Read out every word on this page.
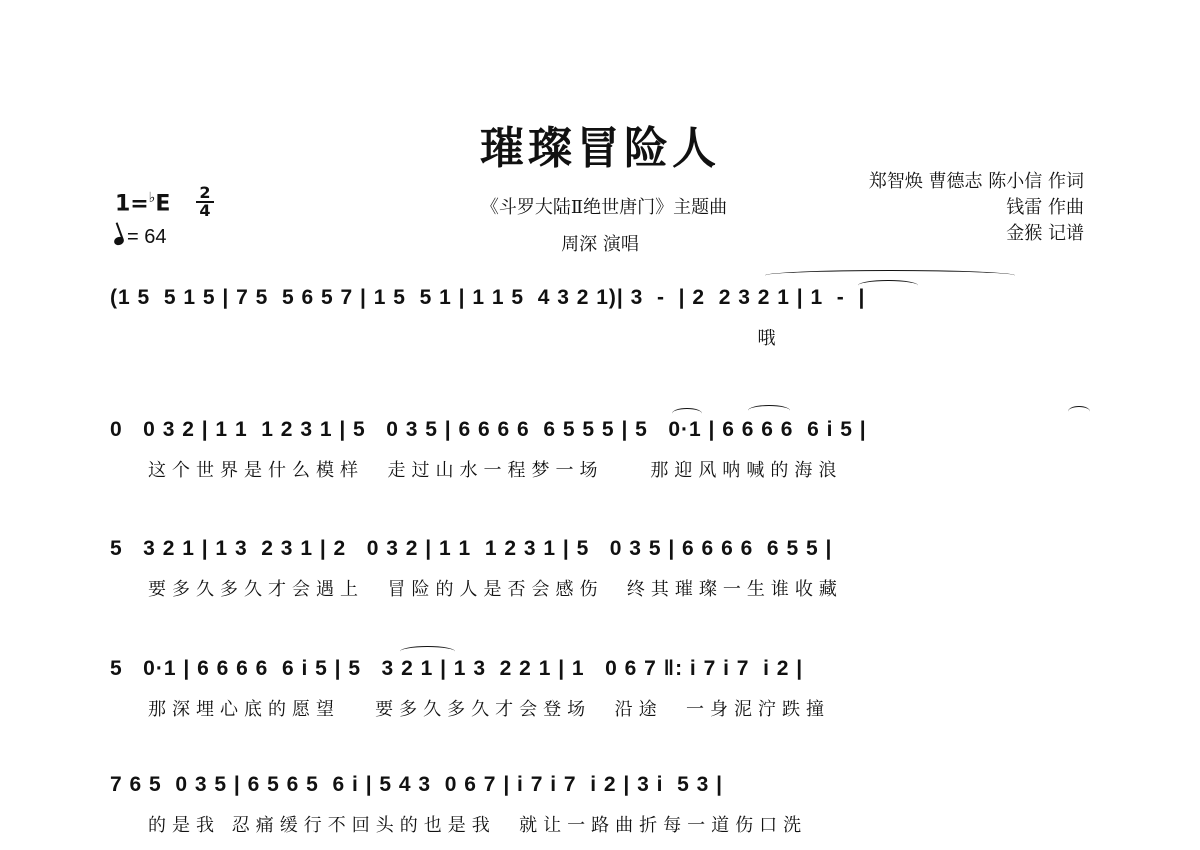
璀璨冒险人
《斗罗大陆Ⅱ绝世唐门》主题曲
周深 演唱
郑智焕 曹德志 陈小信 作词
钱雷 作曲
金猴 记谱
1=♭E 2
4
= 64
(1 5  5 1 5 | 7 5  5 6 5 7 | 1 5  5 1 | 1 1 5  4 3 2 1)| 3  -  | 2  2 3 2 1 | 1  -  |
哦
0   0 3 2 | 1 1  1 2 3 1 | 5   0 3 5 | 6 6 6 6  6 5 5 5 | 5   0·1 | 6 6 6 6  6 i 5 |
这个世界是什么模样  走过山水一程梦一场    那迎风呐喊的海浪
5   3 2 1 | 1 3  2 3 1 | 2   0 3 2 | 1 1  1 2 3 1 | 5   0 3 5 | 6 6 6 6  6 5 5 |
要多久多久才会遇上  冒险的人是否会感伤  终其璀璨一生谁收藏
5   0·1 | 6 6 6 6  6 i 5 | 5   3 2 1 | 1 3  2 2 1 | 1   0 6 7 ‖: i 7 i 7  i 2 |
那深埋心底的愿望   要多久多久才会登场  沿途  一身泥泞跌撞
7 6 5  0 3 5 | 6 5 6 5  6 i | 5 4 3  0 6 7 | i 7 i 7  i 2 | 3 i  5 3 |
的是我 忍痛缓行不回头的也是我  就让一路曲折每一道伤口洗
